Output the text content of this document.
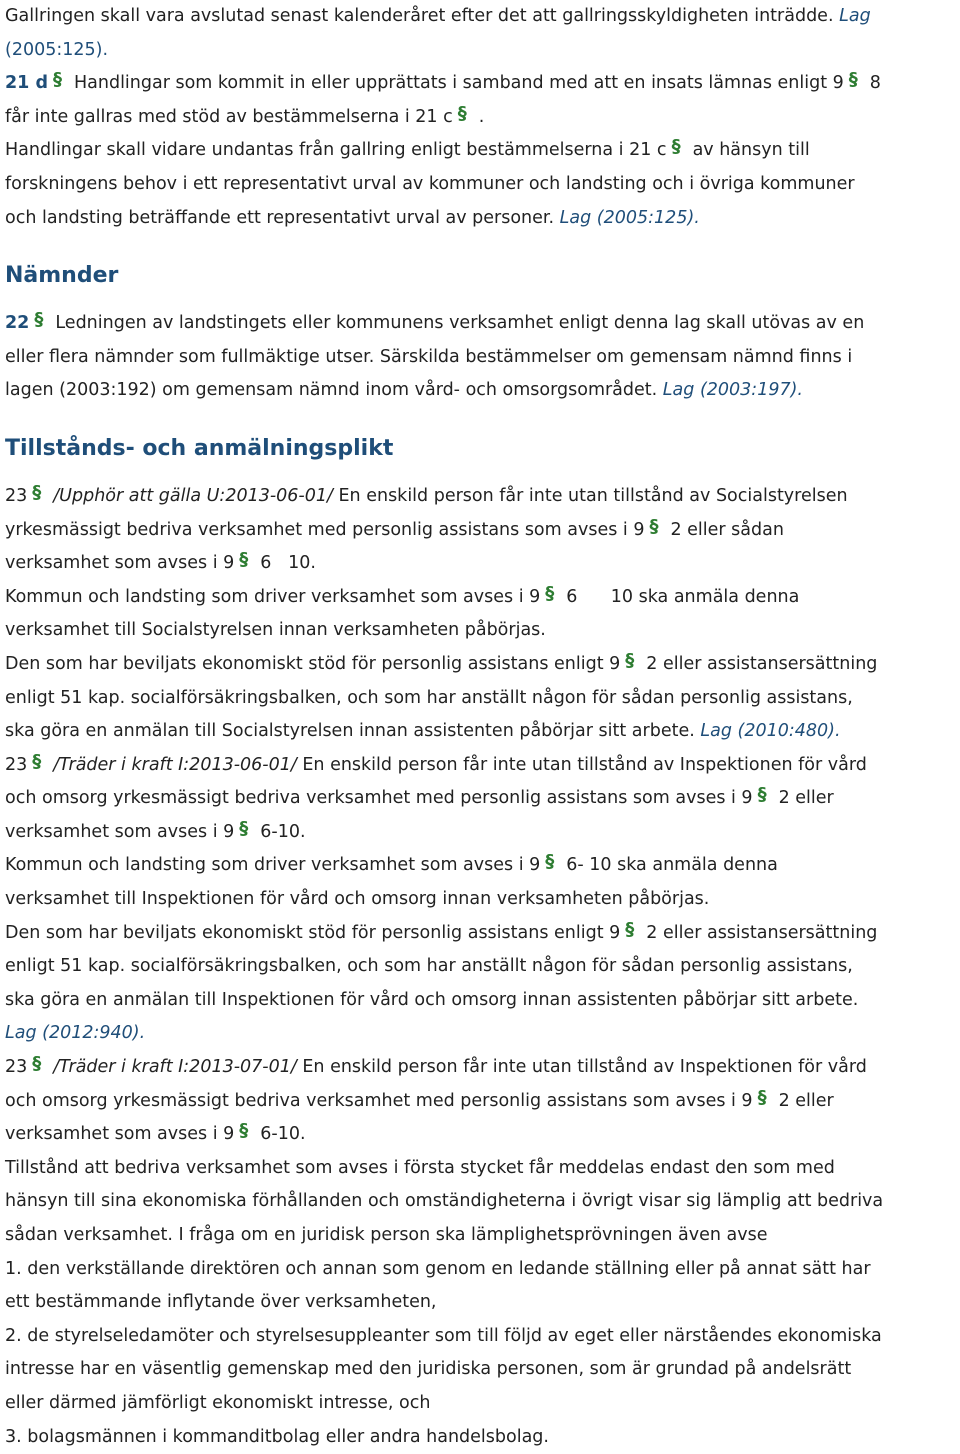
Gallringen skall vara avslutad senast kalenderåret efter det att gallringsskyldigheten inträdde. Lag
(2005:125).
21 d § Handlingar som kommit in eller upprättats i samband med att en insats lämnas enligt 9 § 8
får inte gallras med stöd av bestämmelserna i 21 c § .
Handlingar skall vidare undantas från gallring enligt bestämmelserna i 21 c § av hänsyn till
forskningens behov i ett representativt urval av kommuner och landsting och i övriga kommuner
och landsting beträffande ett representativt urval av personer. Lag (2005:125).
Nämnder
22 § Ledningen av landstingets eller kommunens verksamhet enligt denna lag skall utövas av en
eller flera nämnder som fullmäktige utser. Särskilda bestämmelser om gemensam nämnd finns i
lagen (2003:192) om gemensam nämnd inom vård- och omsorgsområdet. Lag (2003:197).
Tillstånds- och anmälningsplikt
23 § /Upphör att gälla U:2013-06-01/ En enskild person får inte utan tillstånd av Socialstyrelsen
yrkesmässigt bedriva verksamhet med personlig assistans som avses i 9 § 2 eller sådan
verksamhet som avses i 9 § 6   10.
Kommun och landsting som driver verksamhet som avses i 9 § 6      10 ska anmäla denna
verksamhet till Socialstyrelsen innan verksamheten påbörjas.
Den som har beviljats ekonomiskt stöd för personlig assistans enligt 9 § 2 eller assistansersättning
enligt 51 kap. socialförsäkringsbalken, och som har anställt någon för sådan personlig assistans,
ska göra en anmälan till Socialstyrelsen innan assistenten påbörjar sitt arbete. Lag (2010:480).
23 § /Träder i kraft I:2013-06-01/ En enskild person får inte utan tillstånd av Inspektionen för vård
och omsorg yrkesmässigt bedriva verksamhet med personlig assistans som avses i 9 § 2 eller
verksamhet som avses i 9 § 6-10.
Kommun och landsting som driver verksamhet som avses i 9 § 6- 10 ska anmäla denna
verksamhet till Inspektionen för vård och omsorg innan verksamheten påbörjas.
Den som har beviljats ekonomiskt stöd för personlig assistans enligt 9 § 2 eller assistansersättning
enligt 51 kap. socialförsäkringsbalken, och som har anställt någon för sådan personlig assistans,
ska göra en anmälan till Inspektionen för vård och omsorg innan assistenten påbörjar sitt arbete.
Lag (2012:940).
23 § /Träder i kraft I:2013-07-01/ En enskild person får inte utan tillstånd av Inspektionen för vård
och omsorg yrkesmässigt bedriva verksamhet med personlig assistans som avses i 9 § 2 eller
verksamhet som avses i 9 § 6-10.
Tillstånd att bedriva verksamhet som avses i första stycket får meddelas endast den som med
hänsyn till sina ekonomiska förhållanden och omständigheterna i övrigt visar sig lämplig att bedriva
sådan verksamhet. I fråga om en juridisk person ska lämplighetsprövningen även avse
1. den verkställande direktören och annan som genom en ledande ställning eller på annat sätt har
ett bestämmande inflytande över verksamheten,
2. de styrelseledamöter och styrelsesuppleanter som till följd av eget eller närståendes ekonomiska
intresse har en väsentlig gemenskap med den juridiska personen, som är grundad på andelsrätt
eller därmed jämförligt ekonomiskt intresse, och
3. bolagsmännen i kommanditbolag eller andra handelsbolag.
